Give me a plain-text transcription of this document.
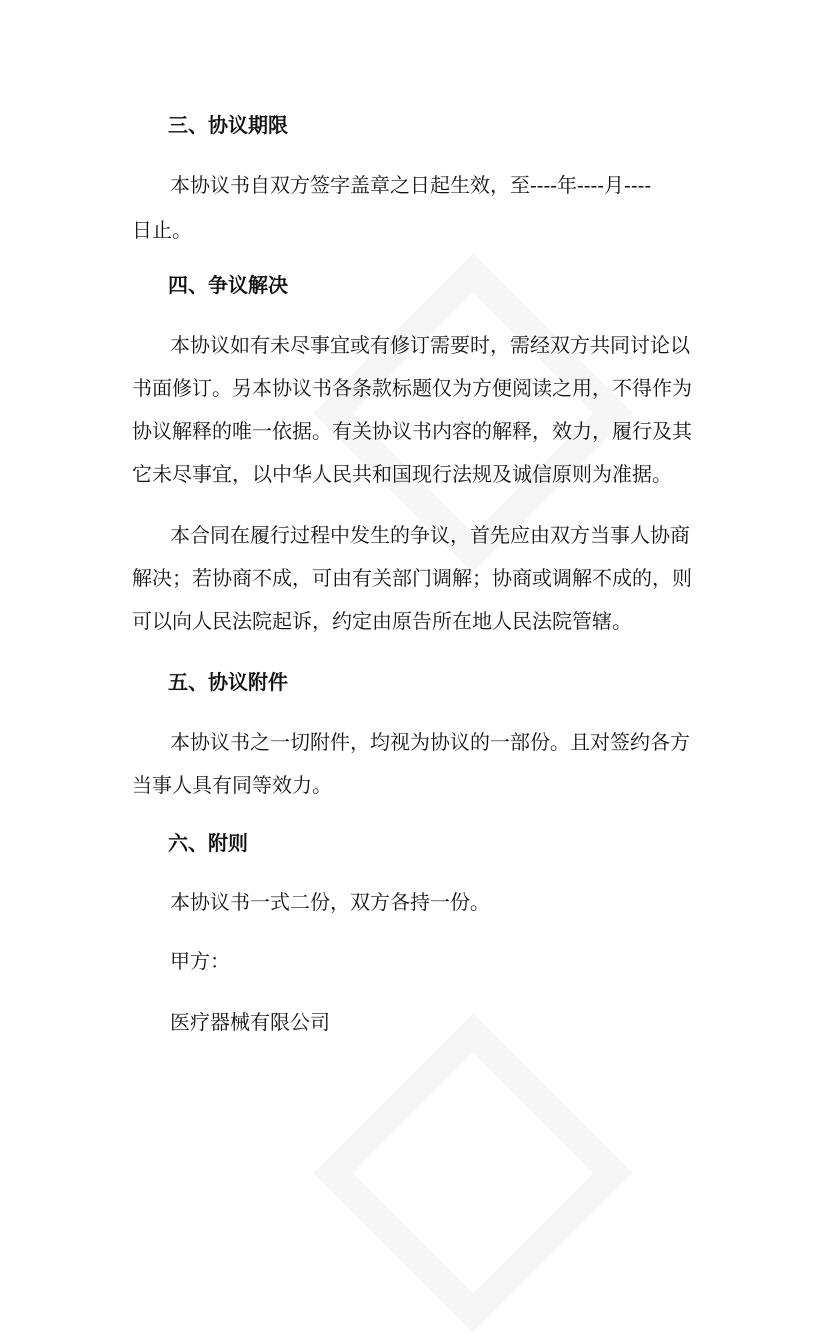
三、协议期限
本协议书自双方签字盖章之日起生效，至----年----月----
日止。
四、争议解决
本协议如有未尽事宜或有修订需要时，需经双方共同讨论以
书面修订。另本协议书各条款标题仅为方便阅读之用，不得作为
协议解释的唯一依据。有关协议书内容的解释，效力，履行及其
它未尽事宜，以中华人民共和国现行法规及诚信原则为准据。
本合同在履行过程中发生的争议，首先应由双方当事人协商
解决；若协商不成，可由有关部门调解；协商或调解不成的，则
可以向人民法院起诉，约定由原告所在地人民法院管辖。
五、协议附件
本协议书之一切附件，均视为协议的一部份。且对签约各方
当事人具有同等效力。
六、附则
本协议书一式二份，双方各持一份。
甲方：
医疗器械有限公司
